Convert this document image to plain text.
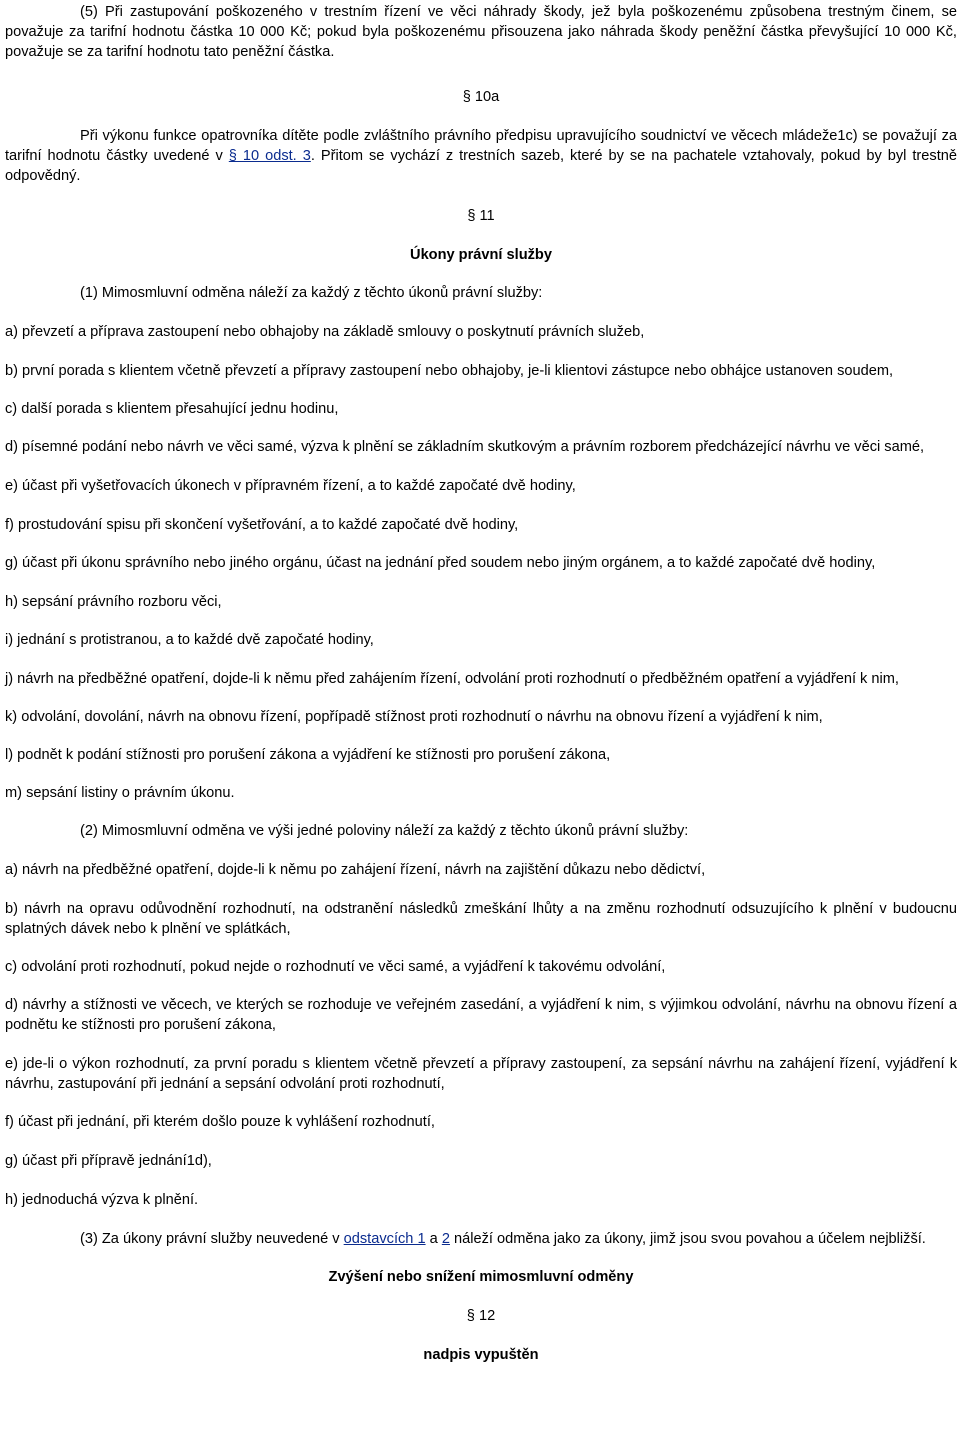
(5) Při zastupování poškozeného v trestním řízení ve věci náhrady škody, jež byla poškozenému způsobena trestným činem, se považuje za tarifní hodnotu částka 10 000 Kč; pokud byla poškozenému přisouzena jako náhrada škody peněžní částka převyšující 10 000 Kč, považuje se za tarifní hodnotu tato peněžní částka.

§ 10a

Při výkonu funkce opatrovníka dítěte podle zvláštního právního předpisu upravujícího soudnictví ve věcech mládeže1c) se považují za tarifní hodnotu částky uvedené v § 10 odst. 3. Přitom se vychází z trestních sazeb, které by se na pachatele vztahovaly, pokud by byl trestně odpovědný.

§ 11

Úkony právní služby

(1) Mimosmluvní odměna náleží za každý z těchto úkonů právní služby:

a) převzetí a příprava zastoupení nebo obhajoby na základě smlouvy o poskytnutí právních služeb,

b) první porada s klientem včetně převzetí a přípravy zastoupení nebo obhajoby, je-li klientovi zástupce nebo obhájce ustanoven soudem,

c) další porada s klientem přesahující jednu hodinu,

d) písemné podání nebo návrh ve věci samé, výzva k plnění se základním skutkovým a právním rozborem předcházející návrhu ve věci samé,

e) účast při vyšetřovacích úkonech v přípravném řízení, a to každé započaté dvě hodiny,

f) prostudování spisu při skončení vyšetřování, a to každé započaté dvě hodiny,

g) účast při úkonu správního nebo jiného orgánu, účast na jednání před soudem nebo jiným orgánem, a to každé započaté dvě hodiny,

h) sepsání právního rozboru věci,

i) jednání s protistranou, a to každé dvě započaté hodiny,

j) návrh na předběžné opatření, dojde-li k němu před zahájením řízení, odvolání proti rozhodnutí o předběžném opatření a vyjádření k nim,

k) odvolání, dovolání, návrh na obnovu řízení, popřípadě stížnost proti rozhodnutí o návrhu na obnovu řízení a vyjádření k nim,

l) podnět k podání stížnosti pro porušení zákona a vyjádření ke stížnosti pro porušení zákona,

m) sepsání listiny o právním úkonu.

(2) Mimosmluvní odměna ve výši jedné poloviny náleží za každý z těchto úkonů právní služby:

a) návrh na předběžné opatření, dojde-li k němu po zahájení řízení, návrh na zajištění důkazu nebo dědictví,

b) návrh na opravu odůvodnění rozhodnutí, na odstranění následků zmeškání lhůty a na změnu rozhodnutí odsuzujícího k plnění v budoucnu splatných dávek nebo k plnění ve splátkách,

c) odvolání proti rozhodnutí, pokud nejde o rozhodnutí ve věci samé, a vyjádření k takovému odvolání,

d) návrhy a stížnosti ve věcech, ve kterých se rozhoduje ve veřejném zasedání, a vyjádření k nim, s výjimkou odvolání, návrhu na obnovu řízení a podnětu ke stížnosti pro porušení zákona,

e) jde-li o výkon rozhodnutí, za první poradu s klientem včetně převzetí a přípravy zastoupení, za sepsání návrhu na zahájení řízení, vyjádření k návrhu, zastupování při jednání a sepsání odvolání proti rozhodnutí,

f) účast při jednání, při kterém došlo pouze k vyhlášení rozhodnutí,

g) účast při přípravě jednání1d),

h) jednoduchá výzva k plnění.

(3) Za úkony právní služby neuvedené v odstavcích 1 a 2 náleží odměna jako za úkony, jimž jsou svou povahou a účelem nejbližší.

Zvýšení nebo snížení mimosmluvní odměny

§ 12

nadpis vypuštěn
